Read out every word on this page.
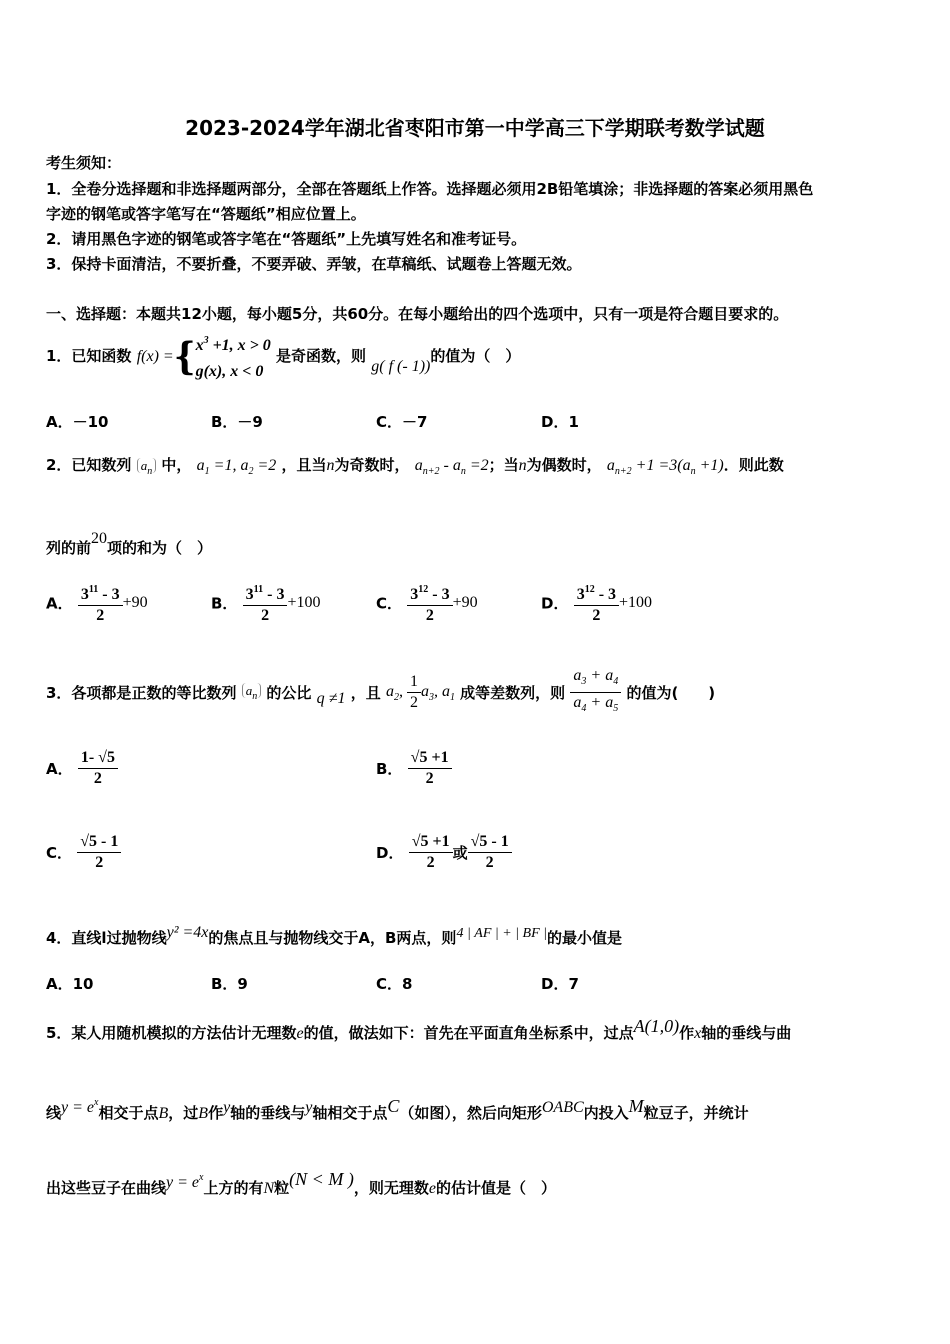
2023-2024学年湖北省枣阳市第一中学高三下学期联考数学试题
考生须知：
1．全卷分选择题和非选择题两部分，全部在答题纸上作答。选择题必须用2B铅笔填涂；非选择题的答案必须用黑色
字迹的钢笔或答字笔写在“答题纸”相应位置上。
2．请用黑色字迹的钢笔或答字笔在“答题纸”上先填写姓名和准考证号。
3．保持卡面清洁，不要折叠，不要弄破、弄皱，在草稿纸、试题卷上答题无效。
一、选择题：本题共12小题，每小题5分，共60分。在每小题给出的四个选项中，只有一项是符合题目要求的。
1．已知函数 f(x) ={ $x^3 +1$, x > 0
g(x), x < 0
是奇函数，则 g( f (- 1))的值为（　）
A．－10	B．－9	C．－7	D．1
2．已知数列 $a_n$ 中， $a_1 =1$, $a_2 =2$ ，且当n为奇数时， $a_{n+2} - a_n =2$；当n为偶数时， $a_{n+2} +1 =3(a_n +1)$．则此数
列的前20项的和为（　）
A． $\frac{3^{11} - 3}{2} +90$	B． $\frac{3^{11} - 3}{2} +100$	C． $\frac{3^{12} - 3}{2} +90$	D． $\frac{3^{12} - 3}{2} +100$
3．各项都是正数的等比数列 $a_n$ 的公比 q ≠1 ，且 $a_2$, $\frac{1}{2} a_3$, $a_1$ 成等差数列，则 $\frac{a_3 + a_4}{a_4 + a_5}$ 的值为(　　)
A． $\frac{1- √5}{2}$	B． $\frac{√5 +1}{2}$
C． $\frac{√5 - 1}{2}$	D． $\frac{√5 +1}{2}$ 或 $\frac{√5 - 1}{2}$
4．直线l过抛物线y² =4x的焦点且与抛物线交于A，B两点，则4 | AF | + | BF |的最小值是
A．10	B．9	C．8	D．7
5．某人用随机模拟的方法估计无理数e的值，做法如下：首先在平面直角坐标系中，过点A(1,0)作x轴的垂线与曲
线$y = e^x$相交于点B，过B作y轴的垂线与y轴相交于点C（如图），然后向矩形OABC内投入M粒豆子，并统计
出这些豆子在曲线$y = e^x$上方的有N粒(N < M )，则无理数e的估计值是（　）
